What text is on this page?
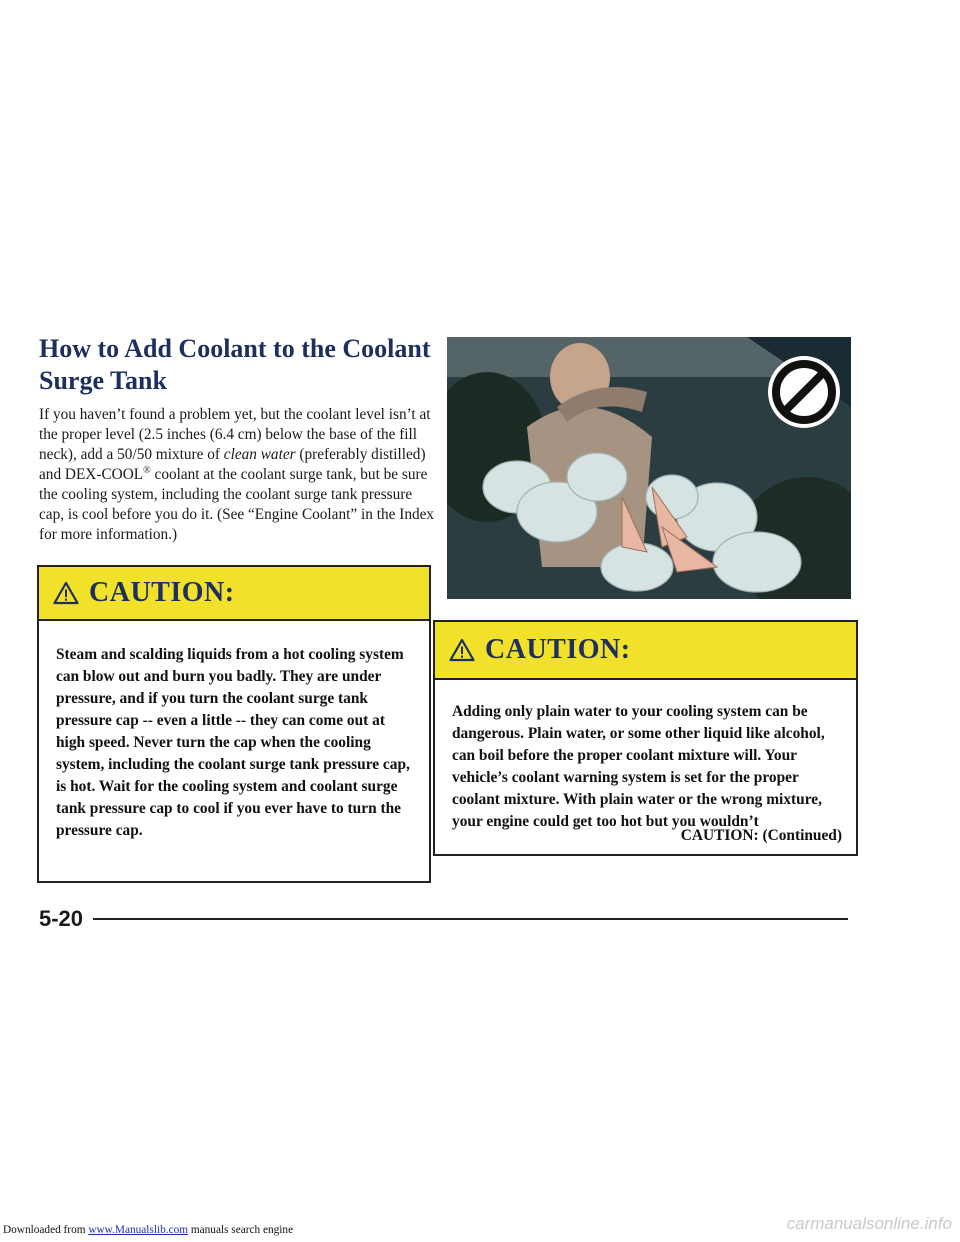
How to Add Coolant to the Coolant
Surge Tank
If you haven’t found a problem yet, but the coolant level isn’t at the proper level (2.5 inches (6.4 cm) below the base of the fill neck), add a 50/50 mixture of clean water (preferably distilled) and DEX-COOL® coolant at the coolant surge tank, but be sure the cooling system, including the coolant surge tank pressure cap, is cool before you do it. (See “Engine Coolant” in the Index for more information.)
CAUTION:
Steam and scalding liquids from a hot cooling system can blow out and burn you badly. They are under pressure, and if you turn the coolant surge tank pressure cap -- even a little -- they can come out at high speed. Never turn the cap when the cooling system, including the coolant surge tank pressure cap, is hot. Wait for the cooling system and coolant surge tank pressure cap to cool if you ever have to turn the pressure cap.
CAUTION:
Adding only plain water to your cooling system can be dangerous. Plain water, or some other liquid like alcohol, can boil before the proper coolant mixture will. Your vehicle’s coolant warning system is set for the proper coolant mixture. With plain water or the wrong mixture, your engine could get too hot but you wouldn’t
CAUTION: (Continued)
5-20
Downloaded from www.Manualslib.com manuals search engine	carmanualsonline.info
